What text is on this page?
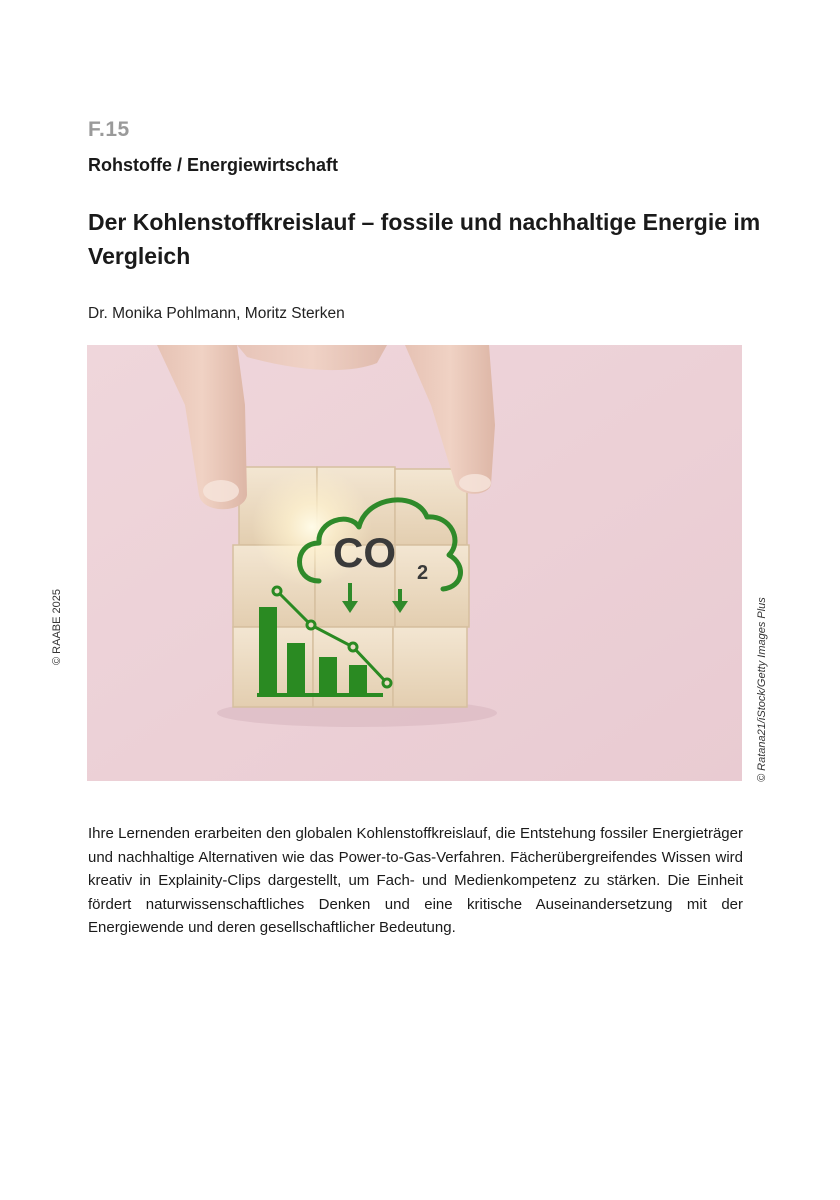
F.15
Rohstoffe / Energiewirtschaft
Der Kohlenstoffkreislauf – fossile und nachhaltige Energie im Vergleich
Dr. Monika Pohlmann, Moritz Sterken
CO 2
© RAABE 2025	© Ratana21/iStock/Getty Images Plus

Ihre Lernenden erarbeiten den globalen Kohlenstoffkreislauf, die Entstehung fossiler Energieträger und nachhaltige Alternativen wie das Power-to-Gas-Verfahren. Fächerübergreifendes Wissen wird kreativ in Explainity-Clips dargestellt, um Fach- und Medienkompetenz zu stärken. Die Einheit fördert naturwissenschaftliches Denken und eine kritische Auseinandersetzung mit der Energiewende und deren gesellschaftlicher Bedeutung.
